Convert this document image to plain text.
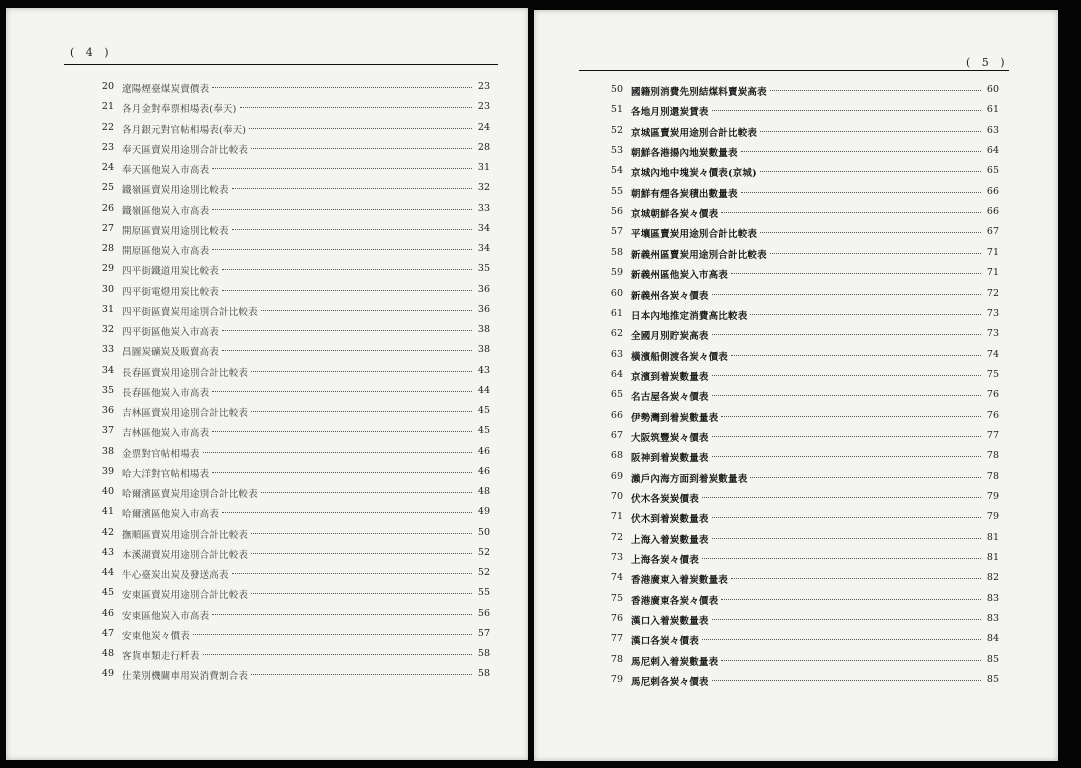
( 4 )
20 遼陽煙臺煤炭賣價表	23
21 各月金對奉票相場表(奉天)	23
22 各月銀元對官帖相場表(奉天)	24
23 奉天區賣炭用途別合計比較表	28
24 奉天區他炭入市高表	31
25 鐵嶺區賣炭用途別比較表	32
26 鐵嶺區他炭入市高表	33
27 開原區賣炭用途別比較表	34
28 開原區他炭入市高表	34
29 四平街鐵道用炭比較表	35
30 四平街電燈用炭比較表	36
31 四平街區賣炭用途別合計比較表	36
32 四平街區他炭入市高表	38
33 昌圖炭礦炭及販賣高表	38
34 長春區賣炭用途別合計比較表	43
35 長春區他炭入市高表	44
36 吉林區賣炭用途別合計比較表	45
37 吉林區他炭入市高表	45
38 金票對官帖相場表	46
39 哈大洋對官帖相場表	46
40 哈爾濱區賣炭用途別合計比較表	48
41 哈爾濱區他炭入市高表	49
42 撫順區賣炭用途別合計比較表	50
43 本溪湖賣炭用途別合計比較表	52
44 牛心臺炭出炭及發送高表	52
45 安東區賣炭用途別合計比較表	55
46 安東區他炭入市高表	56
47 安東他炭々價表	57
48 客貨車類走行粁表	58
49 仕業別機關車用炭消費割合表	58
( 5 )
50 國籍別消費先別結煤料賣炭高表	60
51 各地月別還炭賃表	61
52 京城區賣炭用途別合計比較表	63
53 朝鮮各港揚內地炭數量表	64
54 京城內地中塊炭々價表(京城)	65
55 朝鮮有煙各炭積出數量表	66
56 京城朝鮮各炭々價表	66
57 平壤區賣炭用途別合計比較表	67
58 新義州區賣炭用途別合計比較表	71
59 新義州區他炭入市高表	71
60 新義州各炭々價表	72
61 日本內地推定消費高比較表	73
62 全國月別貯炭高表	73
63 橫濱船側渡各炭々價表	74
64 京濱到着炭數量表	75
65 名古屋各炭々價表	76
66 伊勢灣到着炭數量表	76
67 大阪筑豐炭々價表	77
68 阪神到着炭數量表	78
69 瀨戶內海方面到着炭數量表	78
70 伏木各炭炭價表	79
71 伏木到着炭數量表	79
72 上海入着炭數量表	81
73 上海各炭々價表	81
74 香港廣東入着炭數量表	82
75 香港廣東各炭々價表	83
76 漢口入着炭數量表	83
77 漢口各炭々價表	84
78 馬尼剌入着炭數量表	85
79 馬尼剌各炭々價表	85
